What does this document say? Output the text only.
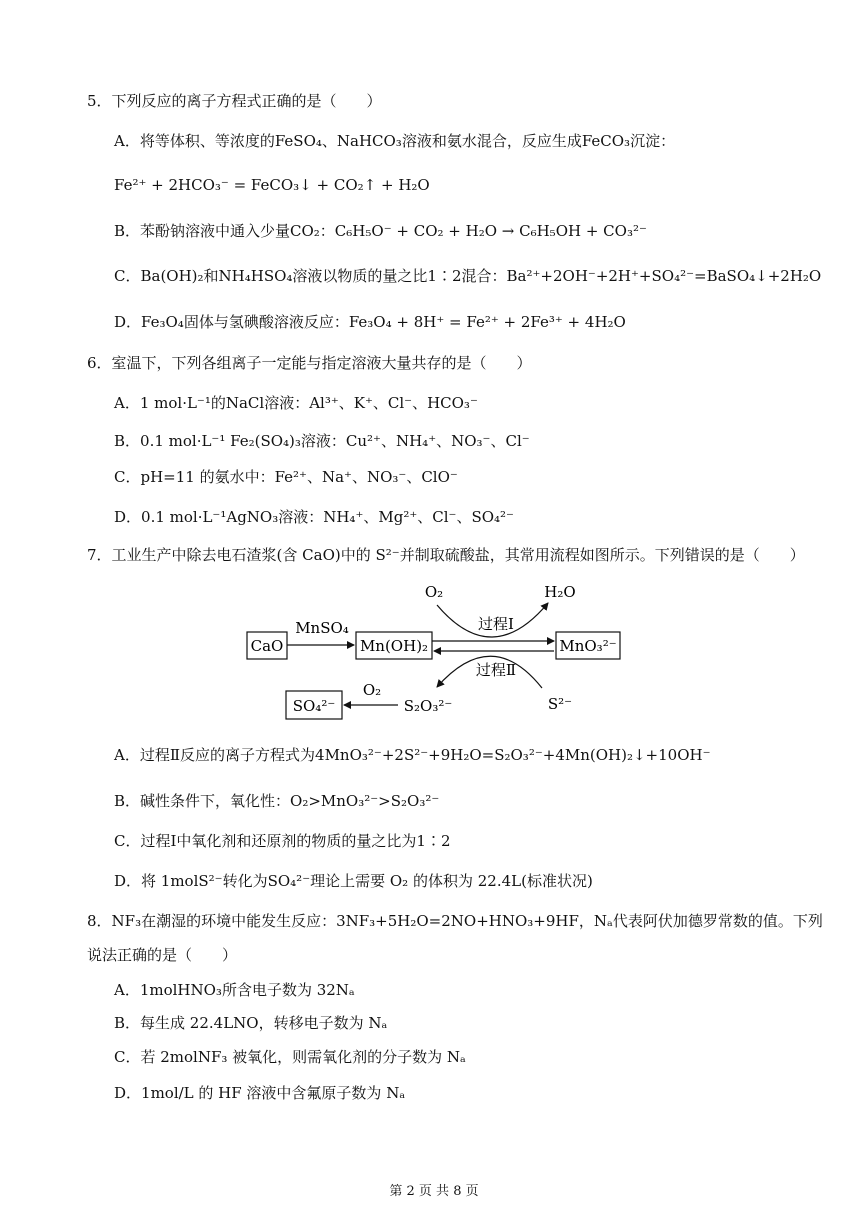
5．下列反应的离子方程式正确的是（　　）
A．将等体积、等浓度的FeSO₄、NaHCO₃溶液和氨水混合，反应生成FeCO₃沉淀：
Fe²⁺ + 2HCO₃⁻ = FeCO₃↓ + CO₂↑ + H₂O
B．苯酚钠溶液中通入少量CO₂：C₆H₅O⁻ + CO₂ + H₂O → C₆H₅OH + CO₃²⁻
C．Ba(OH)₂和NH₄HSO₄溶液以物质的量之比1∶2混合：Ba²⁺+2OH⁻+2H⁺+SO₄²⁻=BaSO₄↓+2H₂O
D．Fe₃O₄固体与氢碘酸溶液反应：Fe₃O₄ + 8H⁺ = Fe²⁺ + 2Fe³⁺ + 4H₂O
6．室温下，下列各组离子一定能与指定溶液大量共存的是（　　）
A．1 mol·L⁻¹的NaCl溶液：Al³⁺、K⁺、Cl⁻、HCO₃⁻
B．0.1 mol·L⁻¹ Fe₂(SO₄)₃溶液：Cu²⁺、NH₄⁺、NO₃⁻、Cl⁻
C．pH=11 的氨水中：Fe²⁺、Na⁺、NO₃⁻、ClO⁻
D．0.1 mol·L⁻¹AgNO₃溶液：NH₄⁺、Mg²⁺、Cl⁻、SO₄²⁻
7．工业生产中除去电石渣浆(含 CaO)中的 S²⁻并制取硫酸盐，其常用流程如图所示。下列错误的是（　　）
CaO	Mn(OH)₂	MnO₃²⁻
SO₄²⁻
MnSO₄
O₂	H₂O
过程Ⅰ
过程Ⅱ
S²⁻
S₂O₃²⁻
O₂
A．过程Ⅱ反应的离子方程式为4MnO₃²⁻+2S²⁻+9H₂O=S₂O₃²⁻+4Mn(OH)₂↓+10OH⁻
B．碱性条件下，氧化性：O₂>MnO₃²⁻>S₂O₃²⁻
C．过程Ⅰ中氧化剂和还原剂的物质的量之比为1∶2
D．将 1molS²⁻转化为SO₄²⁻理论上需要 O₂ 的体积为 22.4L(标准状况)
8．NF₃在潮湿的环境中能发生反应：3NF₃+5H₂O=2NO+HNO₃+9HF，Nₐ代表阿伏加德罗常数的值。下列
说法正确的是（　　）
A．1molHNO₃所含电子数为 32Nₐ
B．每生成 22.4LNO，转移电子数为 Nₐ
C．若 2molNF₃ 被氧化，则需氧化剂的分子数为 Nₐ
D．1mol/L 的 HF 溶液中含氟原子数为 Nₐ
第 2 页 共 8 页
